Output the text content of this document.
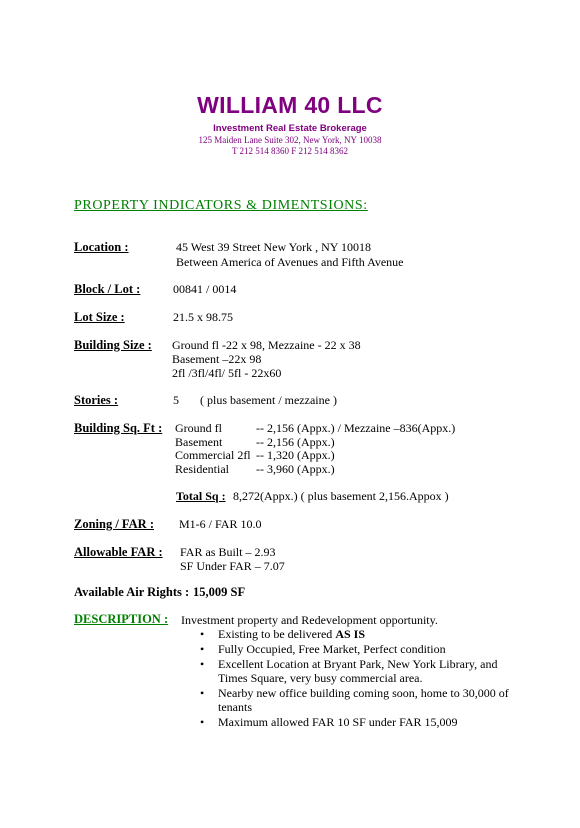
WILLIAM 40 LLC
Investment Real Estate Brokerage
125 Maiden Lane Suite 302, New York, NY 10038
T 212 514 8360 F 212 514 8362
PROPERTY INDICATORS & DIMENTSIONS:
Location :	45 West 39 Street New York , NY 10018
Between America of Avenues and Fifth Avenue
Block / Lot :	00841 / 0014
Lot Size :	21.5 x 98.75
Building Size : Ground fl -22 x 98, Mezzaine - 22 x 38
Basement –22x 98
2fl /3fl/4fl/ 5fl - 22x60
Stories :	5 ( plus basement / mezzaine )
Building Sq. Ft : Ground fl	-- 2,156 (Appx.) / Mezzaine –836(Appx.)
Basement	-- 2,156 (Appx.)
Commercial 2fl -- 1,320 (Appx.)
Residential -- 3,960 (Appx.)
Total Sq : 8,272(Appx.) ( plus basement 2,156.Appox )
Zoning / FAR : M1-6 / FAR 10.0
Allowable FAR : FAR as Built – 2.93
SF Under FAR – 7.07
Available Air Rights : 15,009 SF
DESCRIPTION : Investment property and Redevelopment opportunity.
• Existing to be delivered AS IS
• Fully Occupied, Free Market, Perfect condition
• Excellent Location at Bryant Park, New York Library, and Times Square, very busy commercial area.
• Nearby new office building coming soon, home to 30,000 of tenants
• Maximum allowed FAR 10 SF under FAR 15,009
